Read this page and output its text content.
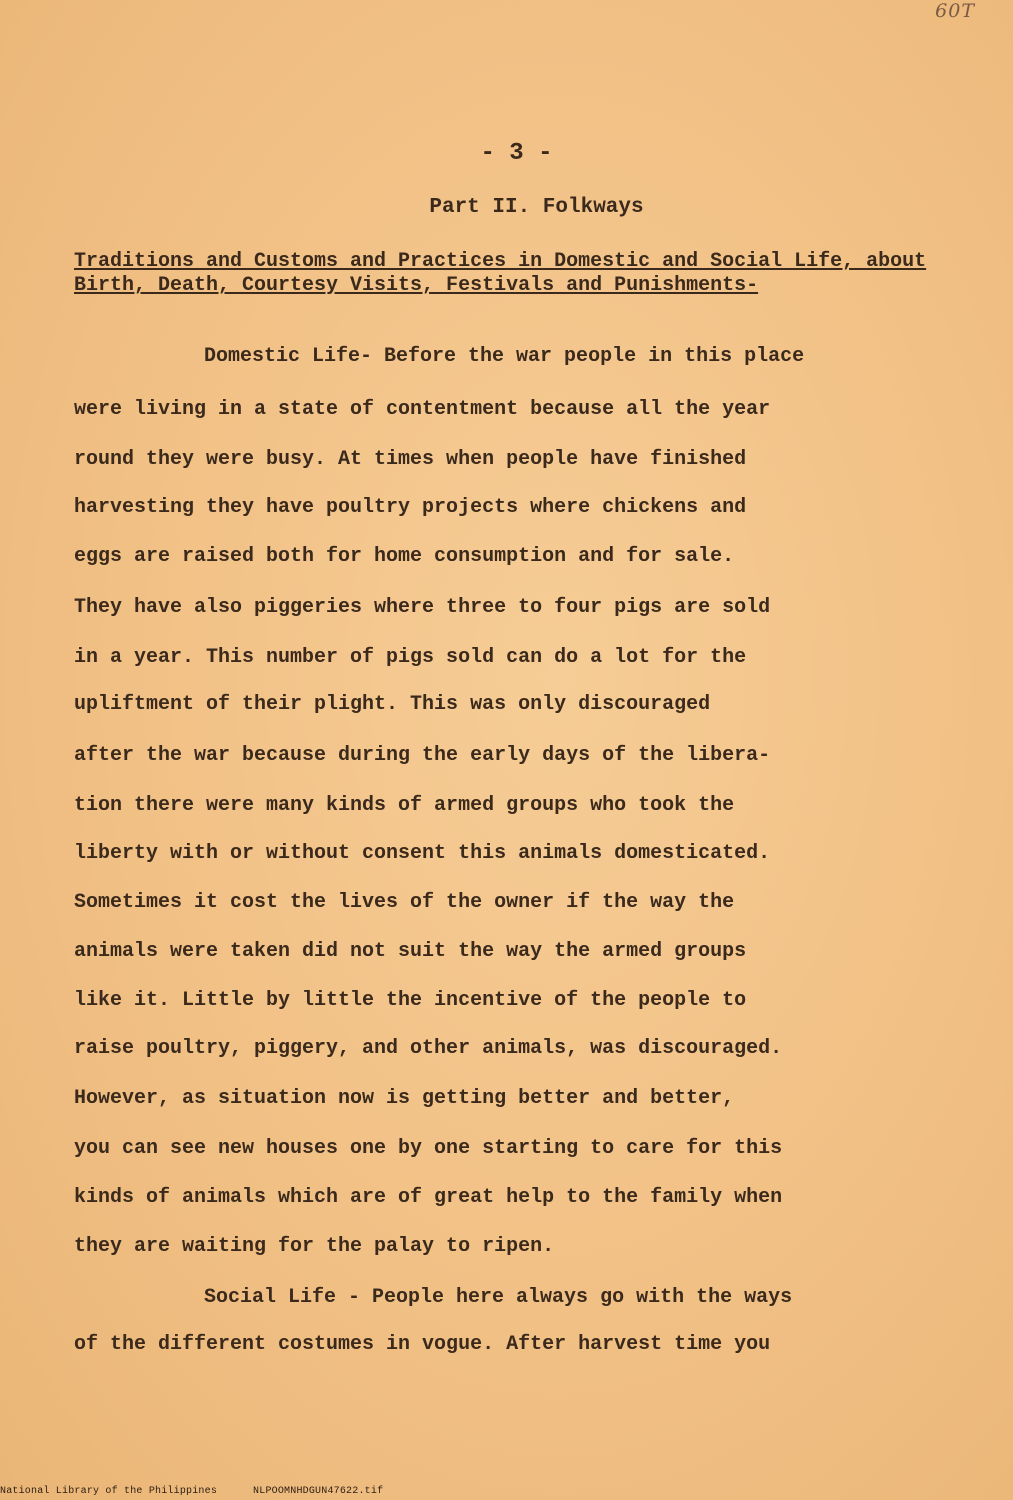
60T
- 3 -
Part II. Folkways

Traditions and Customs and Practices in Domestic and Social Life, about Birth, Death, Courtesy Visits, Festivals and Punishments-

Domestic Life- Before the war people in this place

were living in a state of contentment because all the year

round they were busy. At times when people have finished

harvesting they have poultry projects where chickens and

eggs are raised both for home consumption and for sale.

They have also piggeries where three to four pigs are sold

in a year. This number of pigs sold can do a lot for the

upliftment of their plight. This was only discouraged

after the war because during the early days of the libera-

tion there were many kinds of armed groups who took the

liberty with or without consent this animals domesticated.

Sometimes it cost the lives of the owner if the way the

animals were taken did not suit the way the armed groups

like it. Little by little the incentive of the people to

raise poultry, piggery, and other animals, was discouraged.

However, as situation now is getting better and better,

you can see new houses one by one starting to care for this

kinds of animals which are of great help to the family when

they are waiting for the palay to ripen.

Social Life - People here always go with the ways

of the different costumes in vogue. After harvest time you

National Library of the Philippines	NLPOOMNHDGUN47622.tif
